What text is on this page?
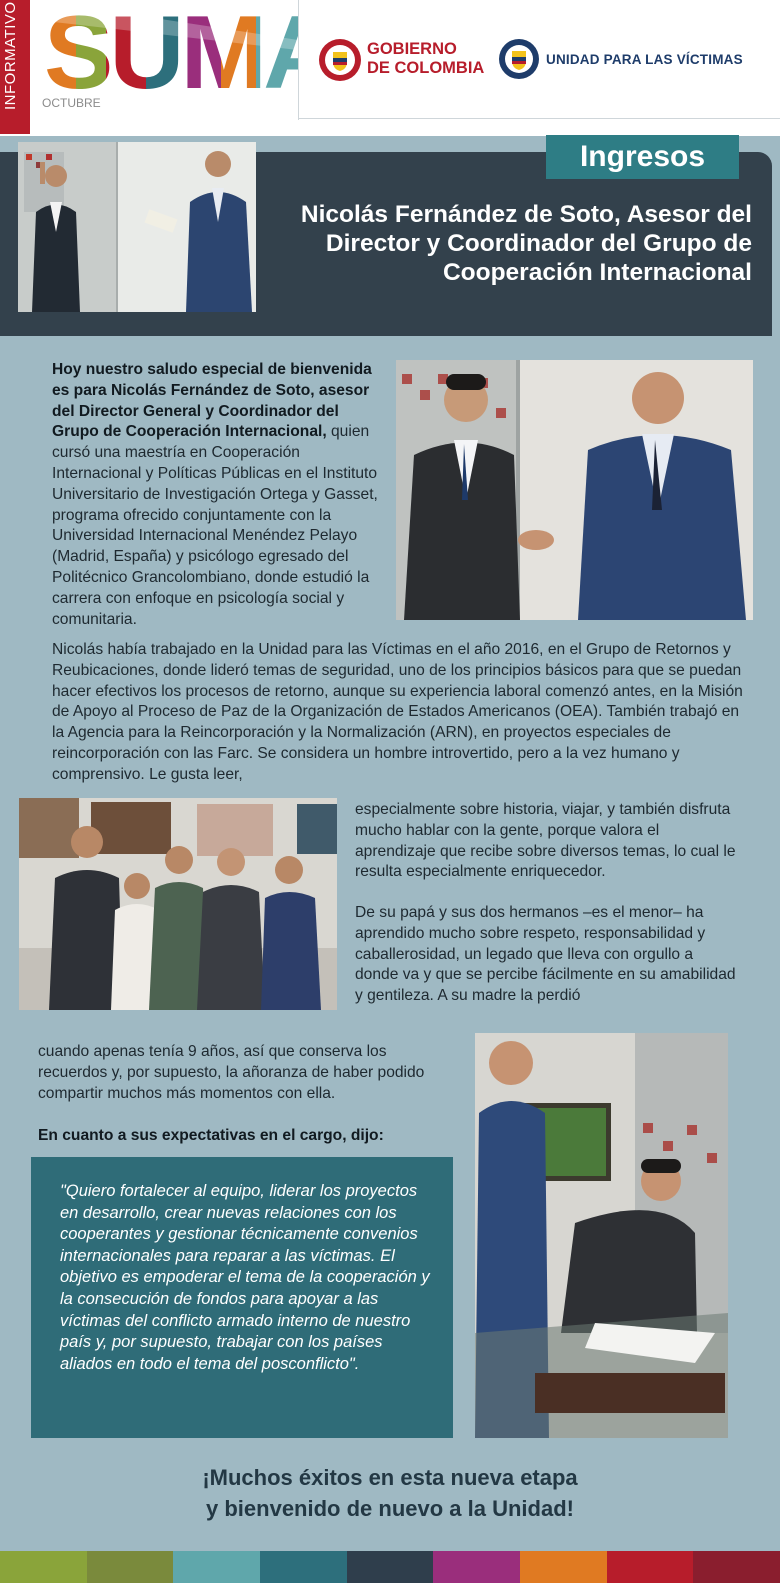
INFORMATIVO OCTUBRE
GOBIERNO
DE COLOMBIA	UNIDAD PARA LAS VÍCTIMAS
Ingresos
Nicolás Fernández de Soto, Asesor del Director y Coordinador del Grupo de Cooperación Internacional
Hoy nuestro saludo especial de bienvenida es para Nicolás Fernández de Soto, asesor del Director General y Coordinador del Grupo de Cooperación Internacional, quien cursó una maestría en Cooperación Internacional y Políticas Públicas en el Instituto Universitario de Investigación Ortega y Gasset, programa ofrecido conjuntamente con la Universidad Internacional Menéndez Pelayo (Madrid, España) y psicólogo egresado del Politécnico Grancolombiano, donde estudió la carrera con enfoque en psicología social y comunitaria.
Nicolás había trabajado en la Unidad para las Víctimas en el año 2016, en el Grupo de Retornos y Reubicaciones, donde lideró temas de seguridad, uno de los principios básicos para que se puedan hacer efectivos los procesos de retorno, aunque su experiencia laboral comenzó antes, en la Misión de Apoyo al Proceso de Paz de la Organización de Estados Americanos (OEA). También trabajó en la Agencia para la Reincorporación y la Normalización (ARN), en proyectos especiales de reincorporación con las Farc. Se considera un hombre introvertido, pero a la vez humano y comprensivo. Le gusta leer,
especialmente sobre historia, viajar, y también disfruta mucho hablar con la gente, porque valora el aprendizaje que recibe sobre diversos temas, lo cual le resulta especialmente enriquecedor.
De su papá y sus dos hermanos –es el menor– ha aprendido mucho sobre respeto, responsabilidad y caballerosidad, un legado que lleva con orgullo a donde va y que se percibe fácilmente en su amabilidad y gentileza. A su madre la perdió
cuando apenas tenía 9 años, así que conserva los recuerdos y, por supuesto, la añoranza de haber podido compartir muchos más momentos con ella.
En cuanto a sus expectativas en el cargo, dijo:
"Quiero fortalecer al equipo, liderar los proyectos en desarrollo, crear nuevas relaciones con los cooperantes y gestionar técnicamente convenios internacionales para reparar a las víctimas. El objetivo es empoderar el tema de la cooperación y la consecución de fondos para apoyar a las víctimas del conflicto armado interno de nuestro país y, por supuesto, trabajar con los países aliados en todo el tema del posconflicto".
¡Muchos éxitos en esta nueva etapa
y bienvenido de nuevo a la Unidad!
